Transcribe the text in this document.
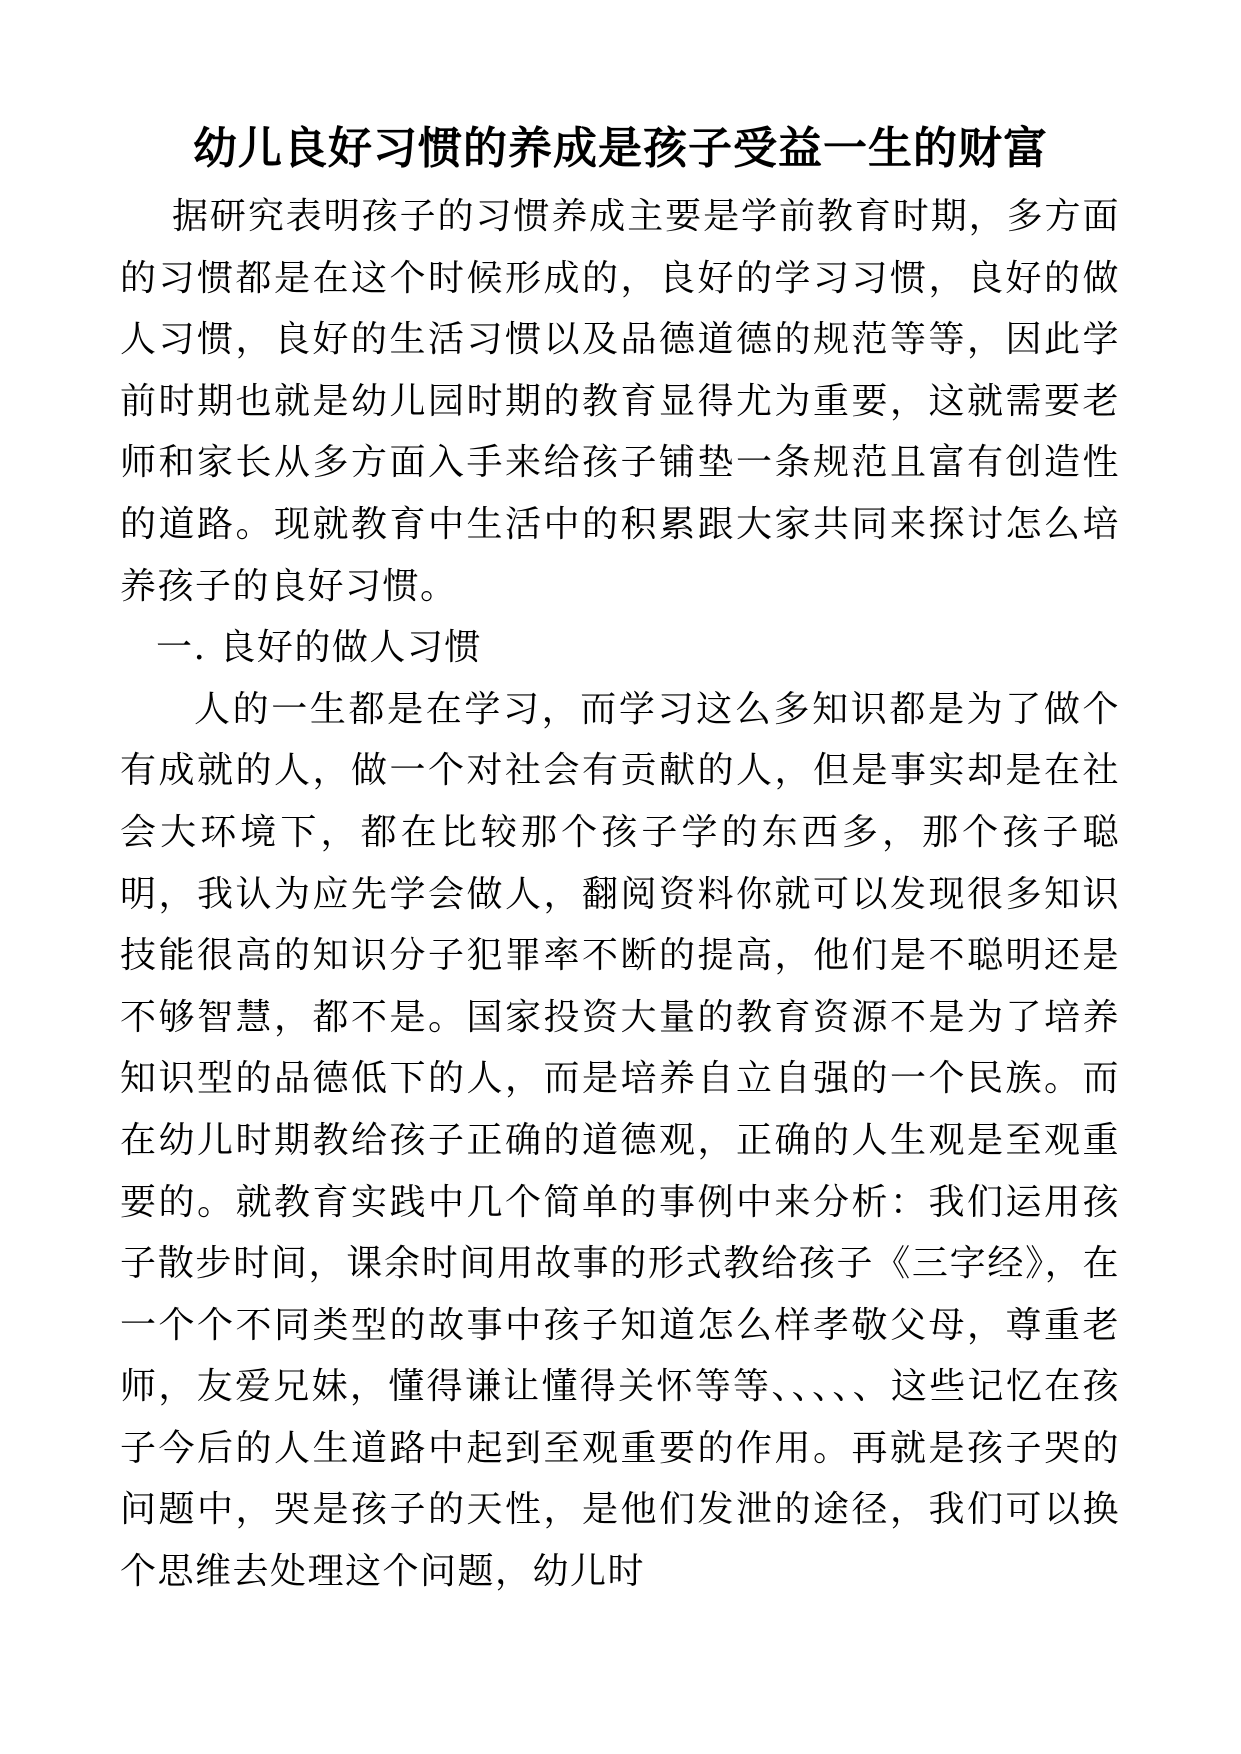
幼儿良好习惯的养成是孩子受益一生的财富

据研究表明孩子的习惯养成主要是学前教育时期，多方面的习惯都是在这个时候形成的，良好的学习习惯，良好的做人习惯，良好的生活习惯以及品德道德的规范等等，因此学前时期也就是幼儿园时期的教育显得尤为重要，这就需要老师和家长从多方面入手来给孩子铺垫一条规范且富有创造性的道路。现就教育中生活中的积累跟大家共同来探讨怎么培养孩子的良好习惯。

一. 良好的做人习惯

人的一生都是在学习，而学习这么多知识都是为了做个有成就的人，做一个对社会有贡献的人，但是事实却是在社会大环境下，都在比较那个孩子学的东西多，那个孩子聪明，我认为应先学会做人，翻阅资料你就可以发现很多知识技能很高的知识分子犯罪率不断的提高，他们是不聪明还是不够智慧，都不是。国家投资大量的教育资源不是为了培养知识型的品德低下的人，而是培养自立自强的一个民族。而在幼儿时期教给孩子正确的道德观，正确的人生观是至观重要的。就教育实践中几个简单的事例中来分析：我们运用孩子散步时间，课余时间用故事的形式教给孩子《三字经》，在一个个不同类型的故事中孩子知道怎么样孝敬父母，尊重老师，友爱兄妹，懂得谦让懂得关怀等等、、、、、这些记忆在孩子今后的人生道路中起到至观重要的作用。再就是孩子哭的问题中，哭是孩子的天性，是他们发泄的途径，我们可以换个思维去处理这个问题，幼儿时
